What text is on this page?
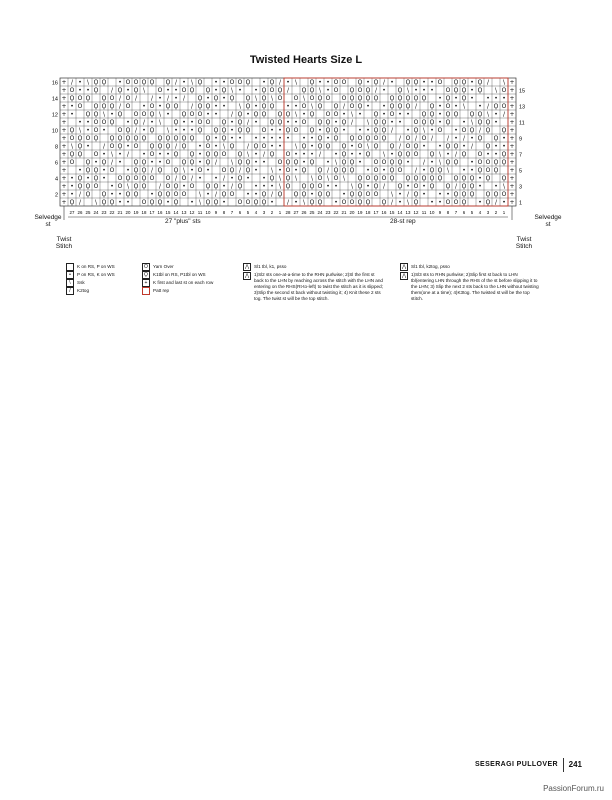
Twisted Hearts Size L
+ / • \ Ϙ Ϙ • O O Ϙ Ϙ Ϙ / • \ Ϙ • • O O Ϙ • Ϙ / • \ Ϙ • • O O Ϙ • Ϙ / • Ϙ Ϙ • • O Ϙ Ϙ • Ϙ / \ +
+ O • • Ϙ / Ϙ • Ϙ \ O • • O Ϙ Ϙ • Ϙ \ • • Ϙ O Ϙ / Ϙ Ϙ \ • O Ϙ O Ϙ / • Ϙ \ • • • O Ϙ Ϙ • Ϙ \ O +
+ Ϙ O Ϙ Ϙ O / O / / • / • / Ϙ • Ϙ • Ϙ Ϙ \ Ϙ \ O O \ O Ϙ O O Ϙ Ϙ Ϙ Ϙ Ϙ Ϙ Ϙ Ϙ Ϙ • Ϙ • Ϙ • • • • +
+ • O Ϙ Ϙ Ϙ / O • O • Ϙ Ϙ / Ϙ Ϙ • • \ Ϙ • Ϙ Ϙ • • O \ Ϙ Ϙ / O Ϙ • • Ϙ Ϙ Ϙ / Ϙ • O • \ • / Ϙ O +
+ • Ϙ Ϙ \ • Ϙ O O Ϙ \ • Ϙ O O • • / Ϙ • Ϙ Ϙ Ϙ Ϙ \ • Ϙ O O • \ • Ϙ • O • • Ϙ Ϙ • Ϙ Ϙ Ϙ Ϙ \ • / +
+ • • O O Ϙ • Ϙ / • \ Ϙ • • O O Ϙ • Ϙ / • Ϙ Ϙ • • O Ϙ Ϙ • Ϙ / \ Ϙ Ϙ • • O Ϙ Ϙ • Ϙ • \ Ϙ Ϙ • +
+ Ϙ \ • O • O Ϙ / • Ϙ \ • • • Ϙ Ϙ Ϙ • Ϙ Ϙ O • • Ϙ O Ϙ • Ϙ Ϙ • • • Ϙ Ϙ / • Ϙ \ • O • O Ϙ / Ϙ Ϙ +
+ O Ϙ O Ϙ Ϙ Ϙ Ϙ Ϙ Ϙ Ϙ Ϙ Ϙ Ϙ Ϙ Ϙ • Ϙ • • • • • • • • • Ϙ • Ϙ Ϙ O Ϙ O Ϙ / O / O / / • / • Ϙ Ϙ • +
+ \ Ϙ • / O Ϙ • O Ϙ Ϙ Ϙ / Ϙ • O • \ Ϙ / Ϙ O • • \ Ϙ • Ϙ Ϙ Ϙ • O \ Ϙ Ϙ / O Ϙ • • Ϙ Ϙ • / Ϙ • • +
+ Ϙ Ϙ O • \ • / • O • • Ϙ Ϙ • Ϙ Ϙ O Ϙ \ • / Ϙ O • • • / • Ϙ • • Ϙ \ • Ϙ Ϙ O Ϙ \ • / Ϙ O • • Ϙ +
+ O Ϙ • Ϙ / • Ϙ Ϙ • • O Ϙ Ϙ • Ϙ / \ Ϙ Ϙ • • O Ϙ Ϙ • Ϙ • \ Ϙ Ϙ • O O Ϙ Ϙ • / • \ Ϙ Ϙ • O O Ϙ Ϙ +
+ • Ϙ Ϙ • O • Ϙ Ϙ / Ϙ Ϙ \ • O • O Ϙ / Ϙ • \ • O • Ϙ Ϙ / Ϙ Ϙ Ϙ • O • Ϙ O / • Ϙ Ϙ \ • • Ϙ O Ϙ +
+ • Ϙ • Ϙ • O Ϙ O Ϙ O O / O / • • / • Ϙ • • Ϙ \ Ϙ \ \ O \ O \ Ϙ O Ϙ O Ϙ Ϙ Ϙ Ϙ Ϙ Ϙ Ϙ Ϙ Ϙ • Ϙ Ϙ +
+ • Ϙ Ϙ O • O \ Ϙ Ϙ / O Ϙ • O Ϙ Ϙ • / Ϙ • • • \ Ϙ Ϙ Ϙ O • • \ Ϙ • Ϙ / Ϙ • O • Ϙ Ϙ / Ϙ Ϙ • • \ +
+ • / Ϙ Ϙ • • Ϙ Ϙ • Ϙ Ϙ O O \ • / Ϙ O • • Ϙ / Ϙ Ϙ Ϙ • Ϙ Ϙ • Ϙ Ϙ O O \ • / Ϙ • • • Ϙ Ϙ Ϙ Ϙ Ϙ O +
+ Ϙ / \ Ϙ Ϙ • • O Ϙ Ϙ • Ϙ • \ Ϙ Ϙ • O O Ϙ Ϙ • / • \ Ϙ Ϙ • O O Ϙ Ϙ Ϙ / • \ Ϙ • • O O Ϙ • Ϙ / • +
16
14
12
10
8
6
4
2
15
13
11
9
7
5
3
1
27 26 25 24 23 22 21 20 19 18 17 16 15 14 13 12 11 10 9 8 7 6 5 4 3 2 1 28 27 26 25 24 23 22 21 20 19 18 17 16 15 14 13 12 11 10 9 8 7 6 5 4 3 2 1
27 "plus" sts	28-st rep
Selvedge
st
Twist
Stitch
Selvedge
st
Twist
Stitch
K on RS, P on WS
• P on RS, K on WS
\ Ssk
/ K2tog
O Yarn Over
Ϙ K1tbl on RS, P1tbl on WS
+ K first and last st on each row
Patt rep
⋀ Sl1 tbl, k1, psso
⋀	1)Sl2 sts one-at-a-time to the RHN purlwise; 2)Sl the first st back to the LHN by reaching across the stitch with the LHN and entering on the RHS(Rt-to-left) to twist the stitch as it is slipped; 3)Slip the second st back without twisting it; 4) Knit these 2 sts tog. The twist st will be the top stitch.
⋀ Sl1 tbl, k2tog, psso
⋀	1)Sl3 sts to RHN purlwise; 2)Slip first st back to LHN tbl(entering LHN through the RHS of the st before slipping it to the LHN; 3) Slip the next 2 sts back to the LHN without twisting them(one at a time); 4)K3tog. The twisted st will be the top stitch.
SESERAGI PULLOVER 241
PassionForum.ru
